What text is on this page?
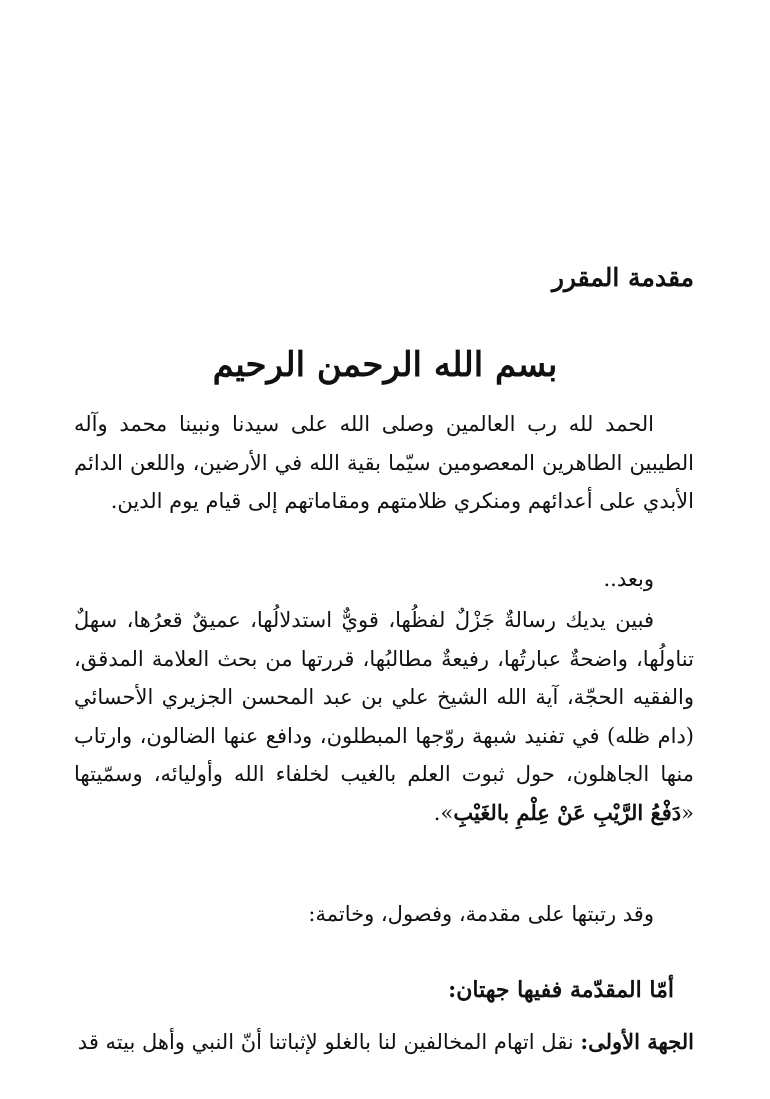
مقدمة المقرر
بسم الله الرحمن الرحيم

الحمد لله رب العالمين وصلى الله على سيدنا ونبينا محمد وآله الطيبين الطاهرين المعصومين سيّما بقية الله في الأرضين، واللعن الدائم الأبدي على أعدائهم ومنكري ظلامتهم ومقاماتهم إلى قيام يوم الدين.

وبعد..

فبين يديك رسالةٌ جَزْلٌ لفظُها، قويٌّ استدلالُها، عميقٌ قعرُها، سهلٌ تناولُها، واضحةٌ عبارتُها، رفيعةٌ مطالبُها، قررتها من بحث العلامة المدقق، والفقيه الحجّة، آية الله الشيخ علي بن عبد المحسن الجزيري الأحسائي (دام ظله) في تفنيد شبهة روّجها المبطلون، ودافع عنها الضالون، وارتاب منها الجاهلون، حول ثبوت العلم بالغيب لخلفاء الله وأوليائه، وسمّيتها «دَفْعُ الرَّيْبِ عَنْ عِلْمِ بالغَيْبِ».

وقد رتبتها على مقدمة، وفصول، وخاتمة:

أمّا المقدّمة ففيها جهتان:

الجهة الأولى: نقل اتهام المخالفين لنا بالغلو لإثباتنا أنّ النبي وأهل بيته قد
